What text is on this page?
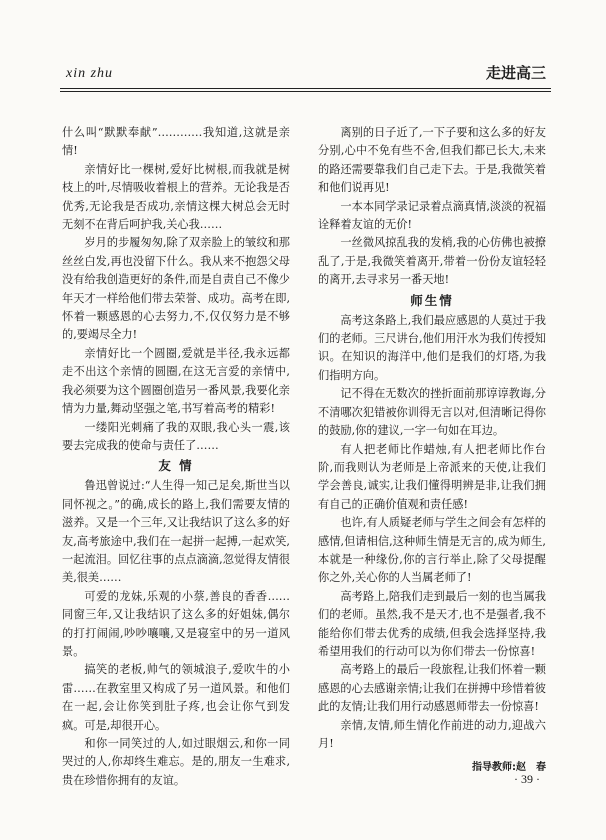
xin zhu	走进高三

什么叫“默默奉献”…………我知道,这就是亲情!

亲情好比一棵树,爱好比树根,而我就是树枝上的叶,尽情吸收着根上的营养。无论我是否优秀,无论我是否成功,亲情这棵大树总会无时无刻不在背后呵护我,关心我……

岁月的步履匆匆,除了双亲脸上的皱纹和那丝丝白发,再也没留下什么。我从来不抱怨父母没有给我创造更好的条件,而是自责自己不像少年天才一样给他们带去荣誉、成功。高考在即,怀着一颗感恩的心去努力,不,仅仅努力是不够的,要竭尽全力!

亲情好比一个圆圈,爱就是半径,我永远都走不出这个亲情的圆圈,在这无言爱的亲情中,我必须要为这个圆圈创造另一番风景,我要化亲情为力量,舞动坚强之笔,书写着高考的精彩!

一缕阳光刺痛了我的双眼,我心头一震,该要去完成我的使命与责任了……

友 情

鲁迅曾说过:“人生得一知己足矣,斯世当以同怀视之。”的确,成长的路上,我们需要友情的滋养。又是一个三年,又让我结识了这么多的好友,高考旅途中,我们在一起拼一起搏,一起欢笑,一起流泪。回忆往事的点点滴滴,忽觉得友情很美,很美……

可爱的龙妹,乐观的小蔡,善良的香香……同窗三年,又让我结识了这么多的好姐妹,偶尔的打打闹闹,吵吵嚷嚷,又是寝室中的另一道风景。

搞笑的老板,帅气的领城浪子,爱吹牛的小雷……在教室里又构成了另一道风景。和他们在一起,会让你笑到肚子疼,也会让你气到发疯。可是,却很开心。

和你一同笑过的人,如过眼烟云,和你一同哭过的人,你却终生难忘。是的,朋友一生难求,贵在珍惜你拥有的友谊。

离别的日子近了,一下子要和这么多的好友分别,心中不免有些不舍,但我们都已长大,未来的路还需要靠我们自己走下去。于是,我微笑着和他们说再见!

一本本同学录记录着点滴真情,淡淡的祝福诠释着友谊的无价!

一丝微风掠乱我的发梢,我的心仿佛也被撩乱了,于是,我微笑着离开,带着一份份友谊轻轻的离开,去寻求另一番天地!

师生情

高考这条路上,我们最应感恩的人莫过于我们的老师。三尺讲台,他们用汗水为我们传授知识。在知识的海洋中,他们是我们的灯塔,为我们指明方向。

记不得在无数次的挫折面前那谆谆教诲,分不清哪次犯错被你训得无言以对,但清晰记得你的鼓励,你的建议,一字一句如在耳边。

有人把老师比作蜡烛,有人把老师比作台阶,而我则认为老师是上帝派来的天使,让我们学会善良,诚实,让我们懂得明辨是非,让我们拥有自己的正确价值观和责任感!

也许,有人质疑老师与学生之间会有怎样的感情,但请相信,这种师生情是无言的,成为师生,本就是一种缘份,你的言行举止,除了父母提醒你之外,关心你的人当属老师了!

高考路上,陪我们走到最后一刻的也当属我们的老师。虽然,我不是天才,也不是强者,我不能给你们带去优秀的成绩,但我会选择坚持,我希望用我们的行动可以为你们带去一份惊喜!

高考路上的最后一段旅程,让我们怀着一颗感恩的心去感谢亲情;让我们在拼搏中珍惜着彼此的友情;让我们用行动感恩师带去一份惊喜!

亲情,友情,师生情化作前进的动力,迎战六月!

指导教师:赵　春
· 39 ·
